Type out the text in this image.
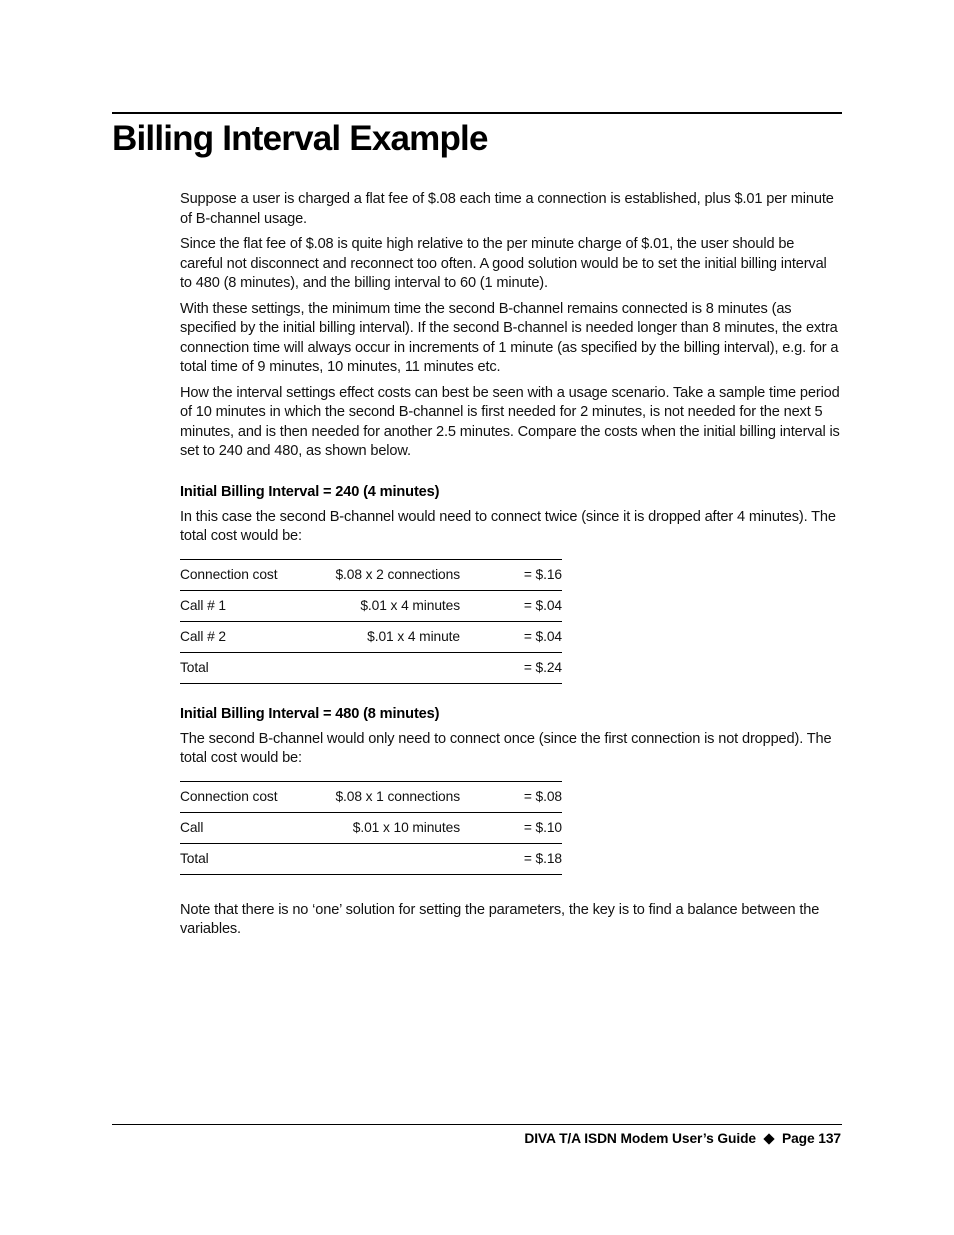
Billing Interval Example

Suppose a user is charged a flat fee of $.08 each time a connection is established, plus $.01 per minute of B-channel usage.

Since the flat fee of $.08 is quite high relative to the per minute charge of $.01, the user should be careful not disconnect and reconnect too often. A good solution would be to set the initial billing interval to 480 (8 minutes), and the billing interval to 60 (1 minute).

With these settings, the minimum time the second B-channel remains connected is 8 minutes (as specified by the initial billing interval). If the second B-channel is needed longer than 8 minutes, the extra connection time will always occur in increments of 1 minute (as specified by the billing interval), e.g. for a total time of 9 minutes, 10 minutes, 11 minutes etc.

How the interval settings effect costs can best be seen with a usage scenario. Take a sample time period of 10 minutes in which the second B-channel is first needed for 2 minutes, is not needed for the next 5 minutes, and is then needed for another 2.5 minutes. Compare the costs when the initial billing interval is set to 240 and 480, as shown below.

Initial Billing Interval = 240 (4 minutes)

In this case the second B-channel would need to connect twice (since it is dropped after 4 minutes). The total cost would be:

Connection cost	$.08 x 2 connections	= $.16
Call # 1	$.01 x 4 minutes	= $.04
Call # 2	$.01 x 4 minute	= $.04
Total		= $.24
Initial Billing Interval = 480 (8 minutes)

The second B-channel would only need to connect once (since the first connection is not dropped). The total cost would be:

Connection cost	$.08 x 1 connections	= $.08
Call	$.01 x 10 minutes	= $.10
Total		= $.18

Note that there is no ‘one’ solution for setting the parameters, the key is to find a balance between the variables.

DIVA T/A ISDN Modem User’s Guide Page 137
